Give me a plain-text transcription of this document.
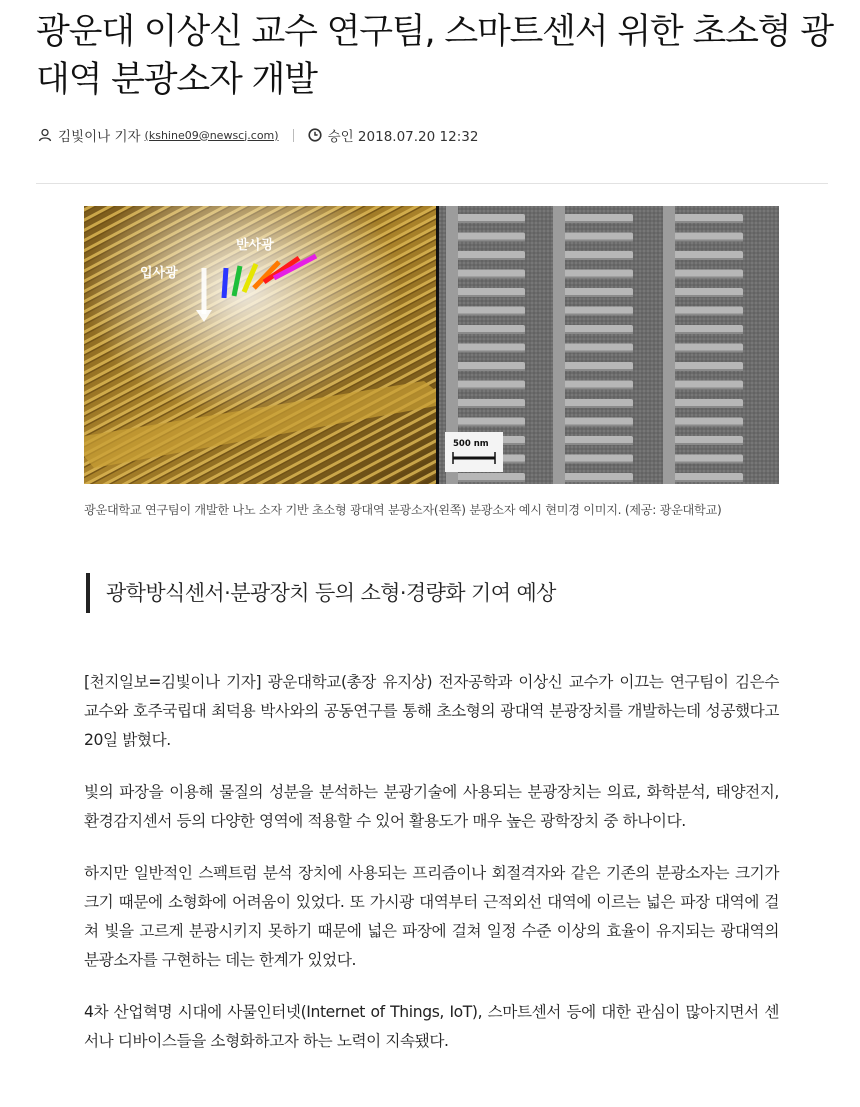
광운대 이상신 교수 연구팀, 스마트센서 위한 초소형 광대역 분광소자 개발
김빛이나 기자 (kshine09@newscj.com)	승인 2018.07.20 12:32
입사광
반사광
500 nm
광운대학교 연구팀이 개발한 나노 소자 기반 초소형 광대역 분광소자(왼쪽) 분광소자 예시 현미경 이미지. (제공: 광운대학교)
광학방식센서·분광장치 등의 소형·경량화 기여 예상

[천지일보=김빛이나 기자] 광운대학교(총장 유지상) 전자공학과 이상신 교수가 이끄는 연구팀이 김은수 교수와 호주국립대 최덕용 박사와의 공동연구를 통해 초소형의 광대역 분광장치를 개발하는데 성공했다고 20일 밝혔다.

빛의 파장을 이용해 물질의 성분을 분석하는 분광기술에 사용되는 분광장치는 의료, 화학분석, 태양전지, 환경감지센서 등의 다양한 영역에 적용할 수 있어 활용도가 매우 높은 광학장치 중 하나이다.

하지만 일반적인 스펙트럼 분석 장치에 사용되는 프리즘이나 회절격자와 같은 기존의 분광소자는 크기가 크기 때문에 소형화에 어려움이 있었다. 또 가시광 대역부터 근적외선 대역에 이르는 넓은 파장 대역에 걸쳐 빛을 고르게 분광시키지 못하기 때문에 넓은 파장에 걸쳐 일정 수준 이상의 효율이 유지되는 광대역의 분광소자를 구현하는 데는 한계가 있었다.

4차 산업혁명 시대에 사물인터넷(Internet of Things, IoT), 스마트센서 등에 대한 관심이 많아지면서 센서나 디바이스들을 소형화하고자 하는 노력이 지속됐다.
